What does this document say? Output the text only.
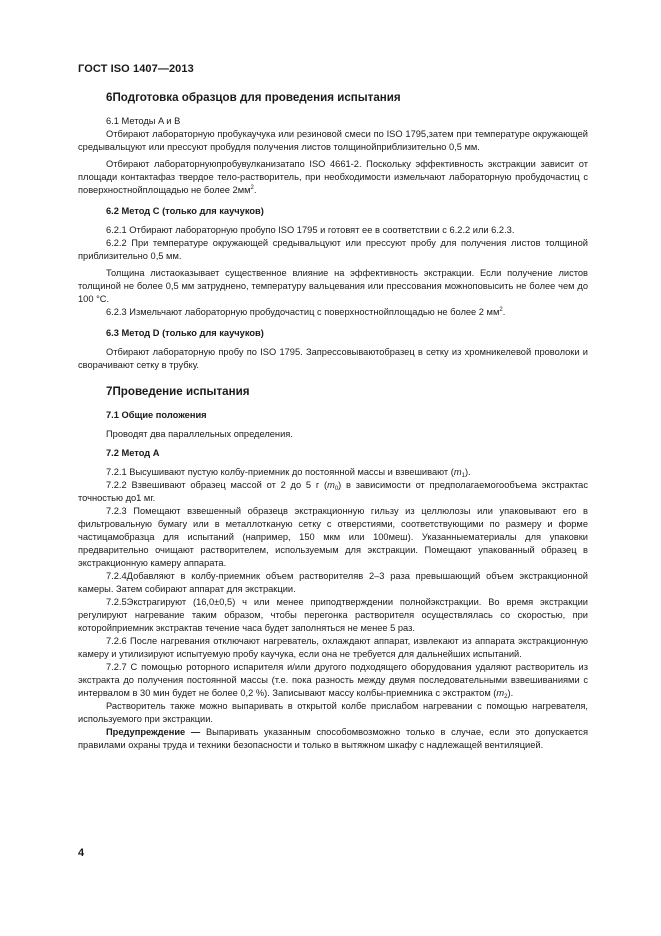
ГОСТ ISO 1407—2013
6Подготовка образцов для проведения испытания

6.1 Методы A и B

Отбирают лабораторную пробукаучука или резиновой смеси по ISO 1795,затем при температуре окружающей средывальцуют или прессуют пробудля получения листов толщинойприблизительно 0,5 мм.

Отбирают лабораторнуюпробувулканизатапо ISO 4661-2. Поскольку эффективность экстракции зависит от площади контактафаз твердое тело-растворитель, при необходимости измельчают лабораторную пробудочастиц с поверхностнойплощадью не более $2мм^2$.

6.2 Метод С (только для каучуков)

6.2.1 Отбирают лабораторную пробупо ISO 1795 и готовят ее в соответствии с 6.2.2 или 6.2.3.

6.2.2 При температуре окружающей средывальцуют или прессуют пробу для получения листов толщиной приблизительно 0,5 мм.

Толщина листаоказывает существенное влияние на эффективность экстракции. Если получение листов толщиной не более 0,5 мм затруднено, температуру вальцевания или прессования можноповысить не более чем до 100 °С.

6.2.3 Измельчают лабораторную пробудочастиц с поверхностнойплощадью не более 2 $мм^2$.

6.3 Метод D (только для каучуков)

Отбирают лабораторную пробу по ISO 1795. Запрессовываютобразец в сетку из хромникелевой проволоки и сворачивают сетку в трубку.

7Проведение испытания

7.1 Общие положения

Проводят два параллельных определения.

7.2 Метод А

7.2.1 Высушивают пустую колбу-приемник до постоянной массы и взвешивают $(m_1)$.

7.2.2 Взвешивают образец массой от 2 до 5 г $(m_0)$ в зависимости от предполагаемогообъема экстрактас точностью до1 мг.

7.2.3 Помещают взвешенный образецв экстракционную гильзу из целлюлозы или упаковывают его в фильтровальную бумагу или в металлотканую сетку с отверстиями, соответствующими по размеру и форме частицамобразца для испытаний (например, 150 мкм или 100меш). Указанныематериалы для упаковки предварительно очищают растворителем, используемым для экстракции. Помещают упакованный образец в экстракционную камеру аппарата.

7.2.4Добавляют в колбу-приемник объем растворителяв 2–3 раза превышающий объем экстракционной камеры. Затем собирают аппарат для экстракции.

7.2.5Экстрагируют (16,0±0,5) ч или менее приподтверждении полнойэкстракции. Во время экстракции регулируют нагревание таким образом, чтобы перегонка растворителя осуществлялась со скоростью, при которойприемник экстрактав течение часа будет заполняться не менее 5 раз.

7.2.6 После нагревания отключают нагреватель, охлаждают аппарат, извлекают из аппарата экстракционную камеру и утилизируют испытуемую пробу каучука, если она не требуется для дальнейших испытаний.

7.2.7 С помощью роторного испарителя и/или другого подходящего оборудования удаляют растворитель из экстракта до получения постоянной массы (т.е. пока разность между двумя последовательными взвешиваниями с интервалом в 30 мин будет не более 0,2 %). Записывают массу колбы-приемника с экстрактом $(m_2)$.

Растворитель также можно выпаривать в открытой колбе прислабом нагревании с помощью нагревателя, используемого при экстракции.

Предупреждение — Выпаривать указанным способомвозможно только в случае, если это допускается правилами охраны труда и техники безопасности и только в вытяжном шкафу с надлежащей вентиляцией.

4
